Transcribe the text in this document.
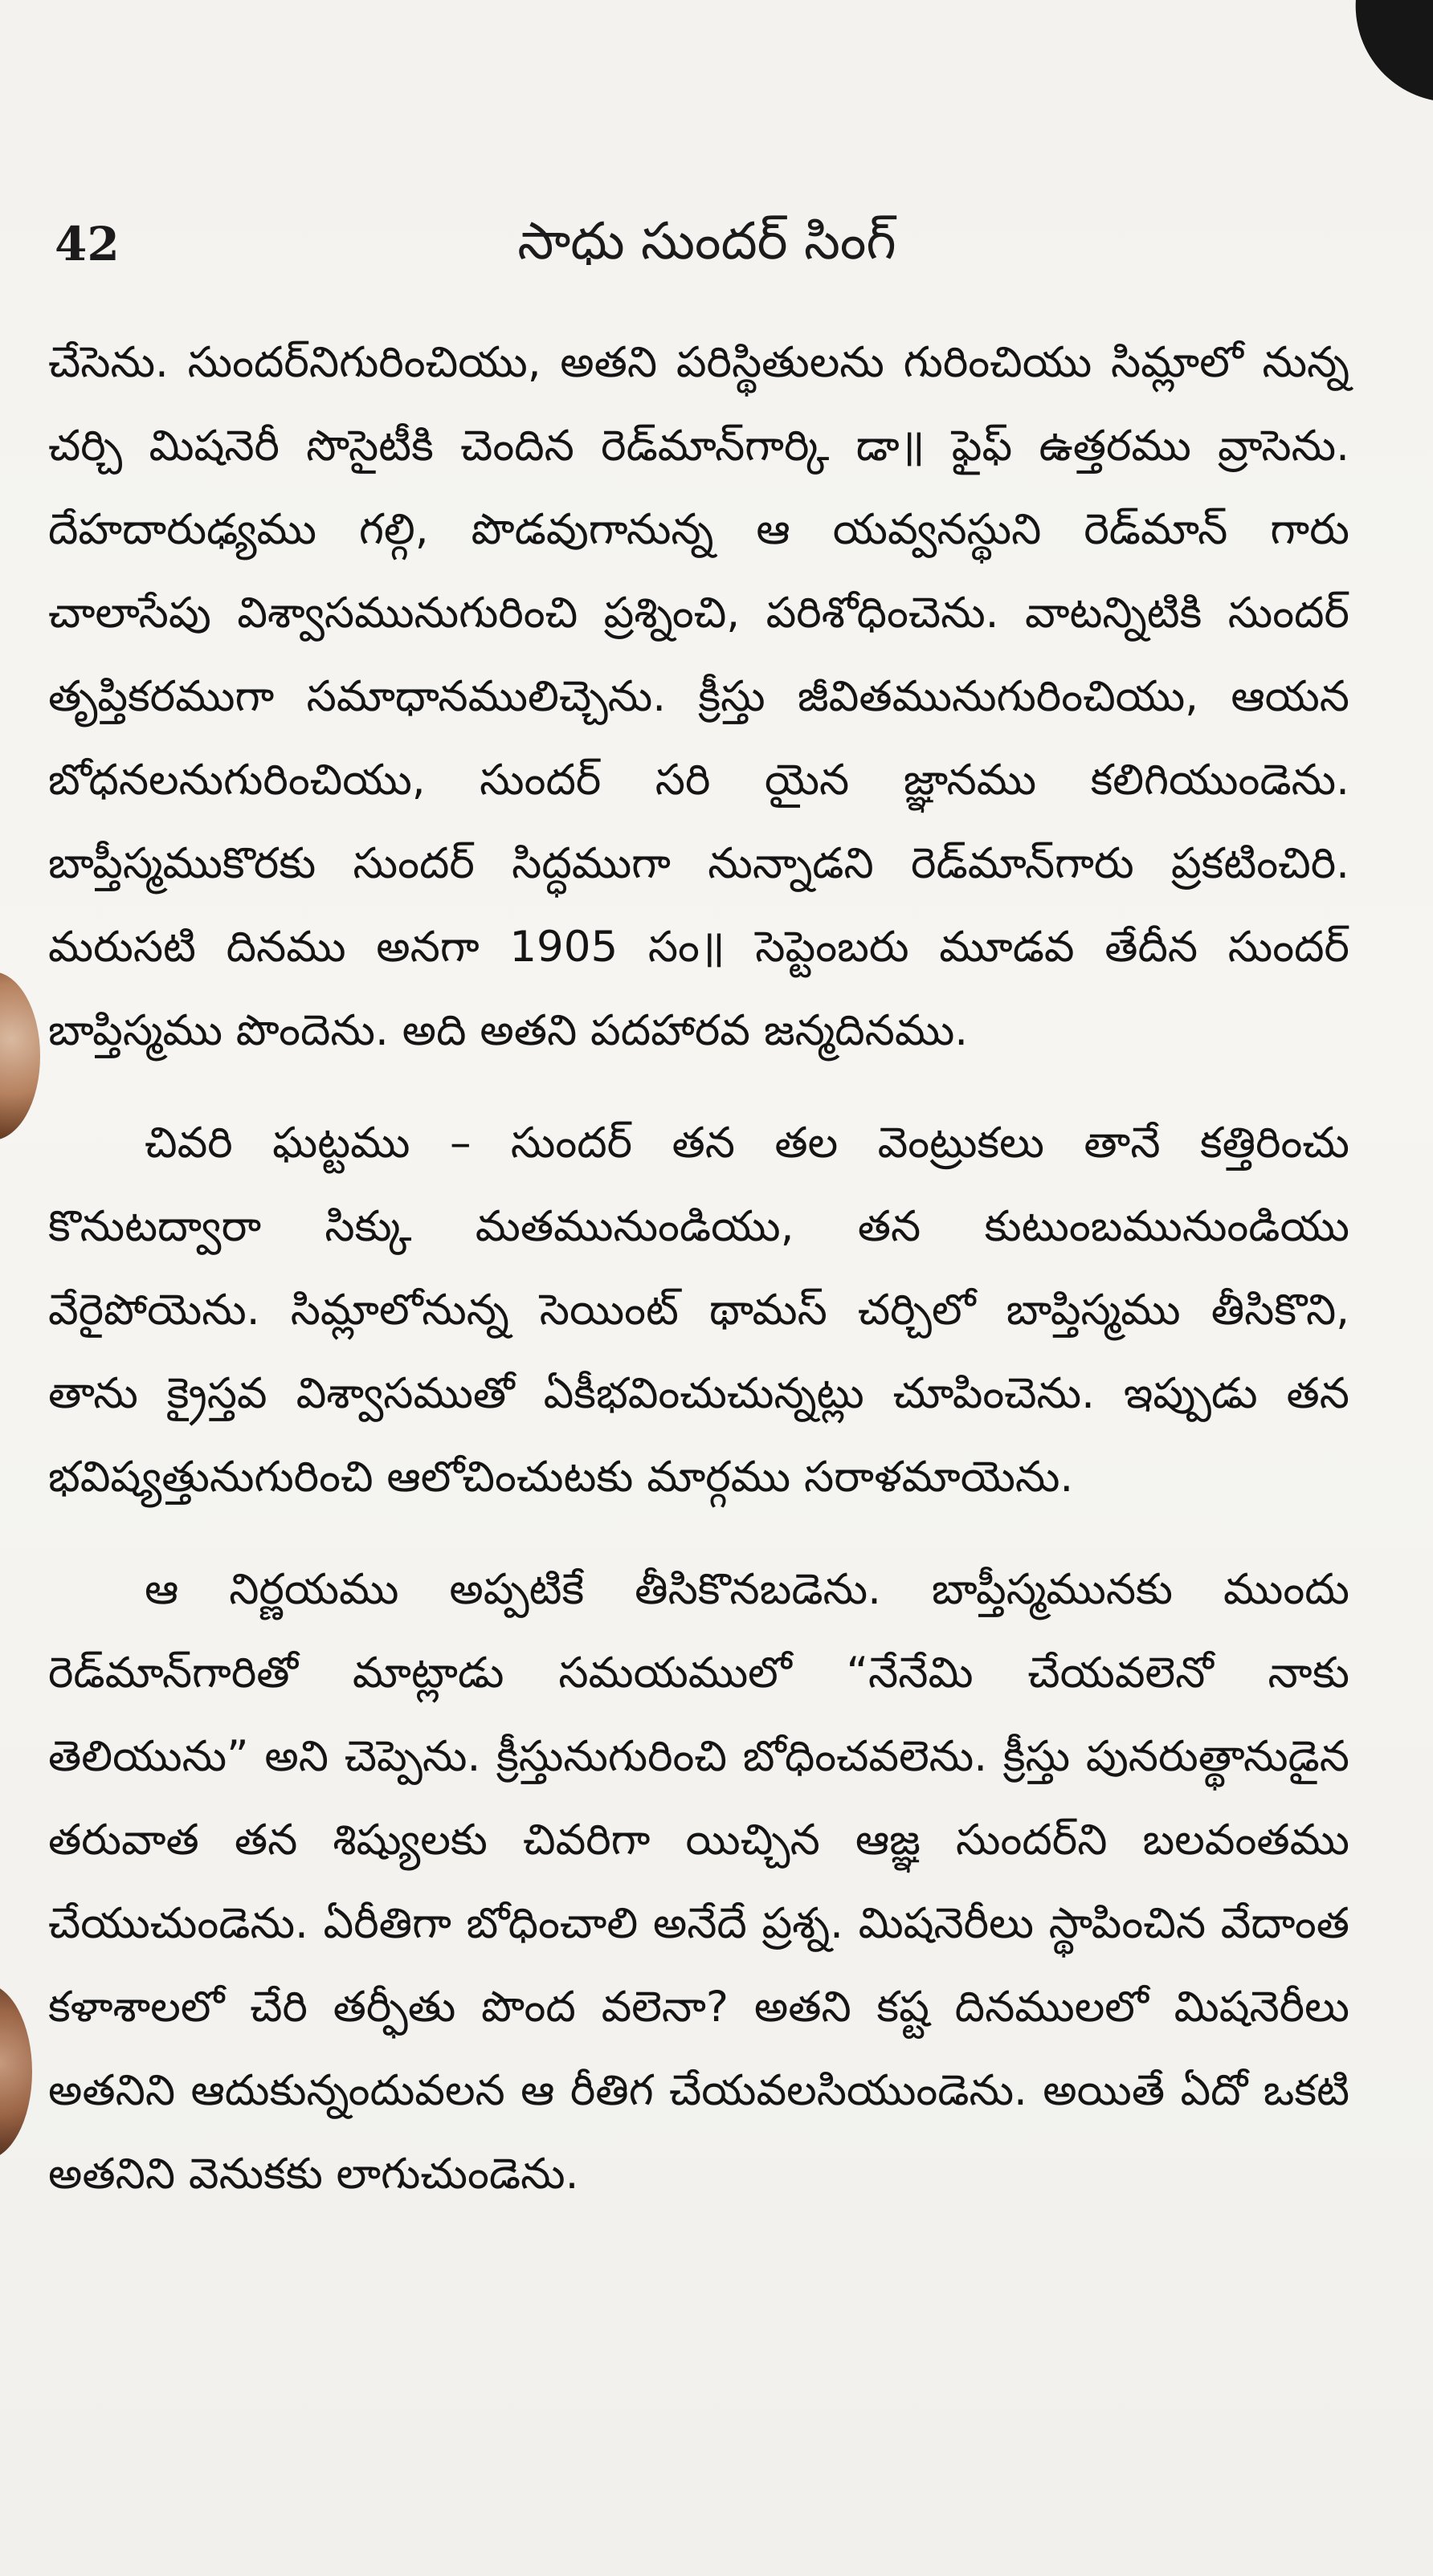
42	సాధు సుందర్ సింగ్

చేసెను. సుందర్‌నిగురించియు, అతని పరిస్థితులను గురించియు సిమ్లాలో నున్న చర్చి మిషనెరీ సొసైటీకి చెందిన రెడ్‌మాన్‌గార్కి డా॥ ఫైఫ్ ఉత్తరము వ్రాసెను. దేహదారుఢ్యము గల్గి, పొడవుగానున్న ఆ యవ్వనస్థుని రెడ్‌మాన్ గారు చాలాసేపు విశ్వాసమునుగురించి ప్రశ్నించి, పరిశోధించెను. వాటన్నిటికి సుందర్ తృప్తికరముగా సమాధానములిచ్చెను. క్రీస్తు జీవితమునుగురించియు, ఆయన బోధనలనుగురించియు, సుందర్ సరి యైన జ్ఞానము కలిగియుండెను. బాప్తీస్మముకొరకు సుందర్ సిద్ధముగా నున్నాడని రెడ్‌మాన్‌గారు ప్రకటించిరి. మరుసటి దినము అనగా 1905 సం॥ సెప్టెంబరు మూడవ తేదీన సుందర్ బాప్తిస్మము పొందెను. అది అతని పదహారవ జన్మదినము.

చివరి ఘట్టము – సుందర్ తన తల వెంట్రుకలు తానే కత్తిరించు కొనుటద్వారా సిక్కు మతమునుండియు, తన కుటుంబమునుండియు వేరైపోయెను. సిమ్లాలోనున్న సెయింట్ థామస్ చర్చిలో బాప్తిస్మము తీసికొని, తాను క్రైస్తవ విశ్వాసముతో ఏకీభవించుచున్నట్లు చూపించెను. ఇప్పుడు తన భవిష్యత్తునుగురించి ఆలోచించుటకు మార్గము సరాళమాయెను.

ఆ నిర్ణయము అప్పటికే తీసికొనబడెను. బాప్తీస్మమునకు ముందు రెడ్‌మాన్‌గారితో మాట్లాడు సమయములో “నేనేమి చేయవలెనో నాకు తెలియును” అని చెప్పెను. క్రీస్తునుగురించి బోధించవలెను. క్రీస్తు పునరుత్థానుడైన తరువాత తన శిష్యులకు చివరిగా యిచ్చిన ఆజ్ఞ సుందర్‌ని బలవంతము చేయుచుండెను. ఏరీతిగా బోధించాలి అనేదే ప్రశ్న. మిషనెరీలు స్థాపించిన వేదాంత కళాశాలలో చేరి తర్ఫీతు పొంద వలెనా? అతని కష్ట దినములలో మిషనెరీలు అతనిని ఆదుకున్నందువలన ఆ రీతిగ చేయవలసియుండెను. అయితే ఏదో ఒకటి అతనిని వెనుకకు లాగుచుండెను.
